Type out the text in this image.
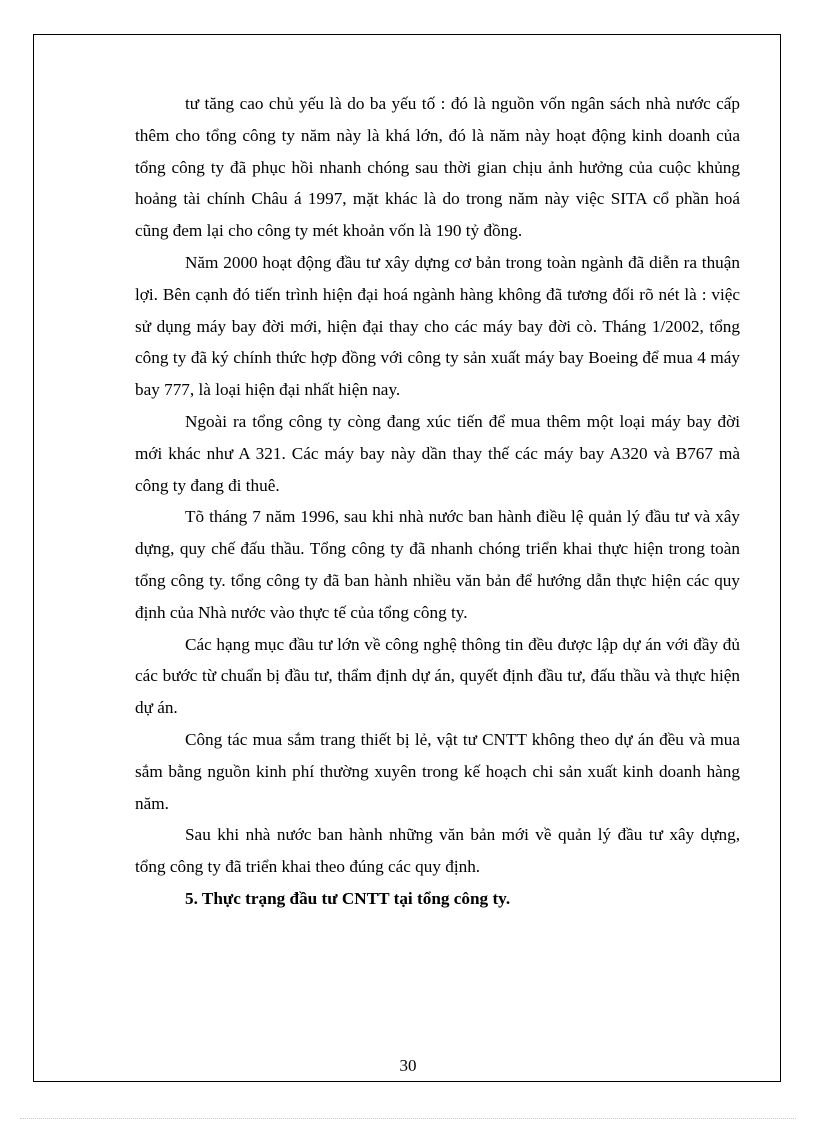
tư tăng cao chủ yếu là do ba yếu tố : đó là nguồn vốn ngân sách nhà nước cấp thêm cho tổng công ty năm này là khá lớn, đó là năm này hoạt động kinh doanh của tổng công ty đã phục hồi nhanh chóng sau thời gian chịu ảnh hưởng của cuộc khủng hoảng tài chính Châu á 1997, mặt khác là do trong năm này việc SITA cổ phần hoá cũng đem lại cho công ty mét khoản vốn là 190 tỷ đồng.

Năm 2000 hoạt động đầu tư xây dựng cơ bản trong toàn ngành đã diễn ra thuận lợi. Bên cạnh đó tiến trình hiện đại hoá ngành hàng không đã tương đối rõ nét là : việc sử dụng máy bay đời mới, hiện đại thay cho các máy bay đời cò. Tháng 1/2002, tổng công ty đã ký chính thức hợp đồng với công ty sản xuất máy bay Boeing để mua 4 máy bay 777, là loại hiện đại nhất hiện nay.

Ngoài ra tổng công ty còng đang xúc tiến để mua thêm một loại máy bay đời mới khác như A 321. Các máy bay này dần thay thế các máy bay A320 và B767 mà công ty đang đi thuê.

Tõ tháng 7 năm 1996, sau khi nhà nước ban hành điều lệ quản lý đầu tư và xây dựng, quy chế đấu thầu. Tổng công ty đã nhanh chóng triển khai thực hiện trong toàn tổng công ty. tổng công ty đã ban hành nhiều văn bản để hướng dẫn thực hiện các quy định của Nhà nước vào thực tế của tổng công ty.

Các hạng mục đầu tư lớn về công nghệ thông tin đều được lập dự án với đầy đủ các bước từ chuẩn bị đầu tư, thẩm định dự án, quyết định đầu tư, đấu thầu và thực hiện dự án.

Công tác mua sắm trang thiết bị lẻ, vật tư CNTT không theo dự án đều và mua sắm bằng nguồn kinh phí thường xuyên trong kế hoạch chi sản xuất kinh doanh hàng năm.

Sau khi nhà nước ban hành những văn bản mới về quản lý đầu tư xây dựng, tổng công ty đã triển khai theo đúng các quy định.

5. Thực trạng đầu tư CNTT tại tổng công ty.

30
